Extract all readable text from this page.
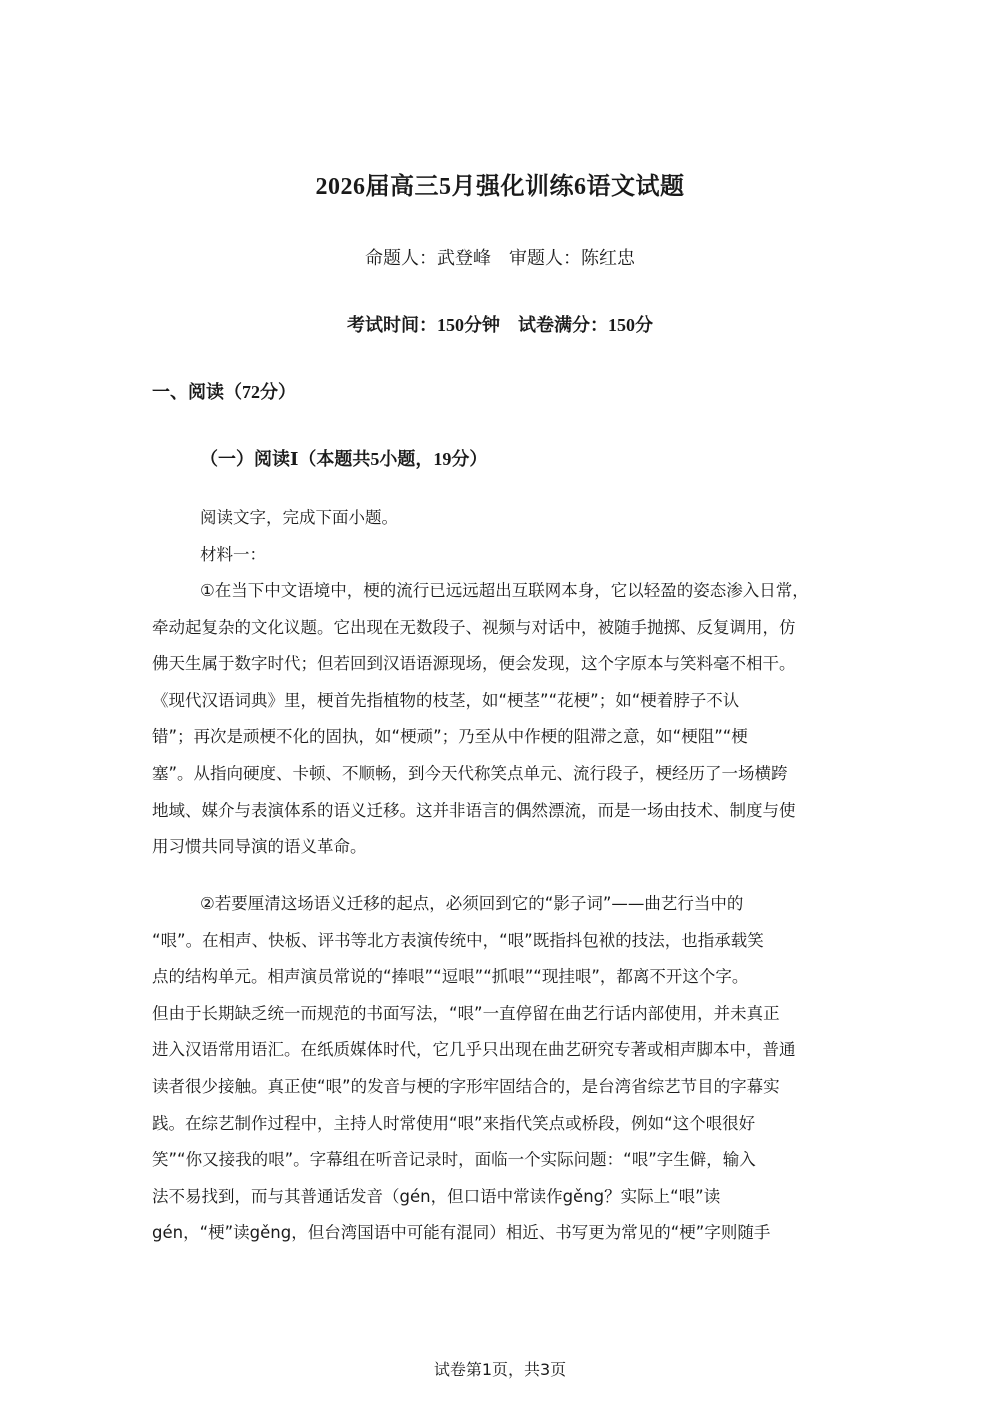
2026届高三5月强化训练6语文试题
命题人：武登峰 审题人：陈红忠
考试时间：150分钟 试卷满分：150分
一、阅读（72分）
（一）阅读Ⅰ（本题共5小题，19分）
阅读文字，完成下面小题。
材料一：
①在当下中文语境中，梗的流行已远远超出互联网本身，它以轻盈的姿态渗入日常，
牵动起复杂的文化议题。它出现在无数段子、视频与对话中，被随手抛掷、反复调用，仿
佛天生属于数字时代；但若回到汉语语源现场，便会发现，这个字原本与笑料毫不相干。
《现代汉语词典》里，梗首先指植物的枝茎，如“梗茎”“花梗”；如“梗着脖子不认
错”；再次是顽梗不化的固执，如“梗顽”；乃至从中作梗的阻滞之意，如“梗阻”“梗
塞”。从指向硬度、卡顿、不顺畅，到今天代称笑点单元、流行段子，梗经历了一场横跨
地域、媒介与表演体系的语义迁移。这并非语言的偶然漂流，而是一场由技术、制度与使
用习惯共同导演的语义革命。
②若要厘清这场语义迁移的起点，必须回到它的“影子词”——曲艺行当中的
“哏”。在相声、快板、评书等北方表演传统中，“哏”既指抖包袱的技法，也指承载笑
点的结构单元。相声演员常说的“捧哏”“逗哏”“抓哏”“现挂哏”，都离不开这个字。
但由于长期缺乏统一而规范的书面写法，“哏”一直停留在曲艺行话内部使用，并未真正
进入汉语常用语汇。在纸质媒体时代，它几乎只出现在曲艺研究专著或相声脚本中，普通
读者很少接触。真正使“哏”的发音与梗的字形牢固结合的，是台湾省综艺节目的字幕实
践。在综艺制作过程中，主持人时常使用“哏”来指代笑点或桥段，例如“这个哏很好
笑”“你又接我的哏”。字幕组在听音记录时，面临一个实际问题：“哏”字生僻，输入
法不易找到，而与其普通话发音（gén，但口语中常读作gěng？实际上“哏”读
gén，“梗”读gěng，但台湾国语中可能有混同）相近、书写更为常见的“梗”字则随手
试卷第1页，共3页
